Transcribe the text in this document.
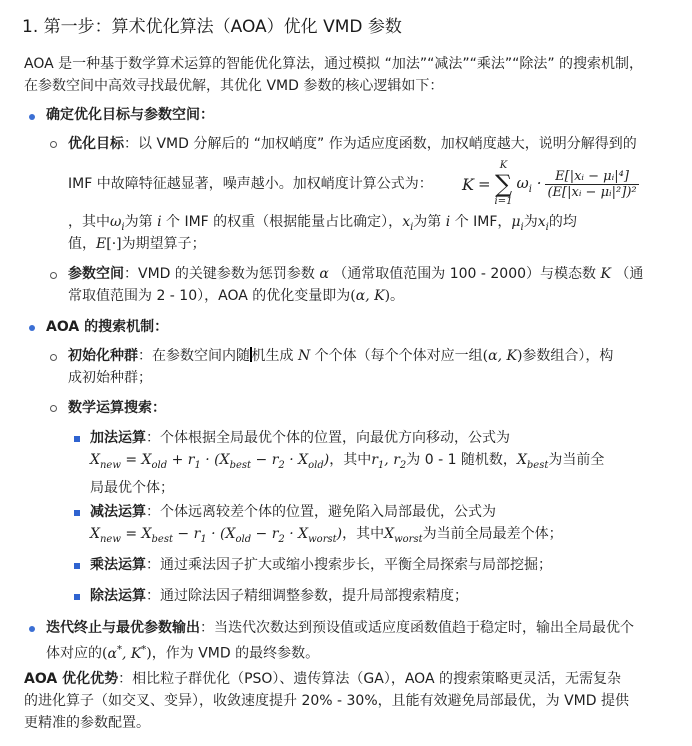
1. 第一步：算术优化算法（AOA）优化 VMD 参数
AOA 是一种基于数学算术运算的智能优化算法，通过模拟 “加法”“减法”“乘法”“除法” 的搜索机制，
在参数空间中高效寻找最优解，其优化 VMD 参数的核心逻辑如下：
确定优化目标与参数空间：
优化目标：以 VMD 分解后的 “加权峭度” 作为适应度函数，加权峭度越大，说明分解得到的
IMF 中故障特征越显著，噪声越小。加权峭度计算公式为：	K =
K
∑
i=1
$\omega_i \cdot \frac{\text{E[|xᵢ − μᵢ|⁴]}}{\text{(E[|xᵢ − μᵢ|²])²}}$
，其中$\omega_i$为第 i 个 IMF 的权重（根据能量占比确定），$x_i$为第 i 个 IMF，$\mu_i$为$x_i$的均
值，E[·]为期望算子；
参数空间：VMD 的关键参数为惩罚参数 α （通常取值范围为 100 - 2000）与模态数 K （通
常取值范围为 2 - 10），AOA 的优化变量即为(α, K)。
AOA 的搜索机制：
初始化种群：在参数空间内随 机生成 N 个个体（每个个体对应一组(α, K)参数组合），构
成初始种群；
数学运算搜索：
加法运算：个体根据全局最优个体的位置，向最优方向移动，公式为
$X_{new} = X_{old} + r_1 \cdot (X_{best} - r_2 \cdot X_{old})$，其中$r_1$, $r_2$为 0 - 1 随机数，$X_{best}$为当前全
局最优个体；
减法运算：个体远离较差个体的位置，避免陷入局部最优，公式为
$X_{new} = X_{best} - r_1 \cdot (X_{old} - r_2 \cdot X_{worst})$，其中$X_{worst}$为当前全局最差个体；
乘法运算：通过乘法因子扩大或缩小搜索步长，平衡全局探索与局部挖掘；
除法运算：通过除法因子精细调整参数，提升局部搜索精度；
迭代终止与最优参数输出：当迭代次数达到预设值或适应度函数值趋于稳定时，输出全局最优个
体对应的(α*, K*)，作为 VMD 的最终参数。
AOA 优化优势：相比粒子群优化（PSO）、遗传算法（GA），AOA 的搜索策略更灵活，无需复杂
的进化算子（如交叉、变异），收敛速度提升 20% - 30%，且能有效避免局部最优，为 VMD 提供
更精准的参数配置。
